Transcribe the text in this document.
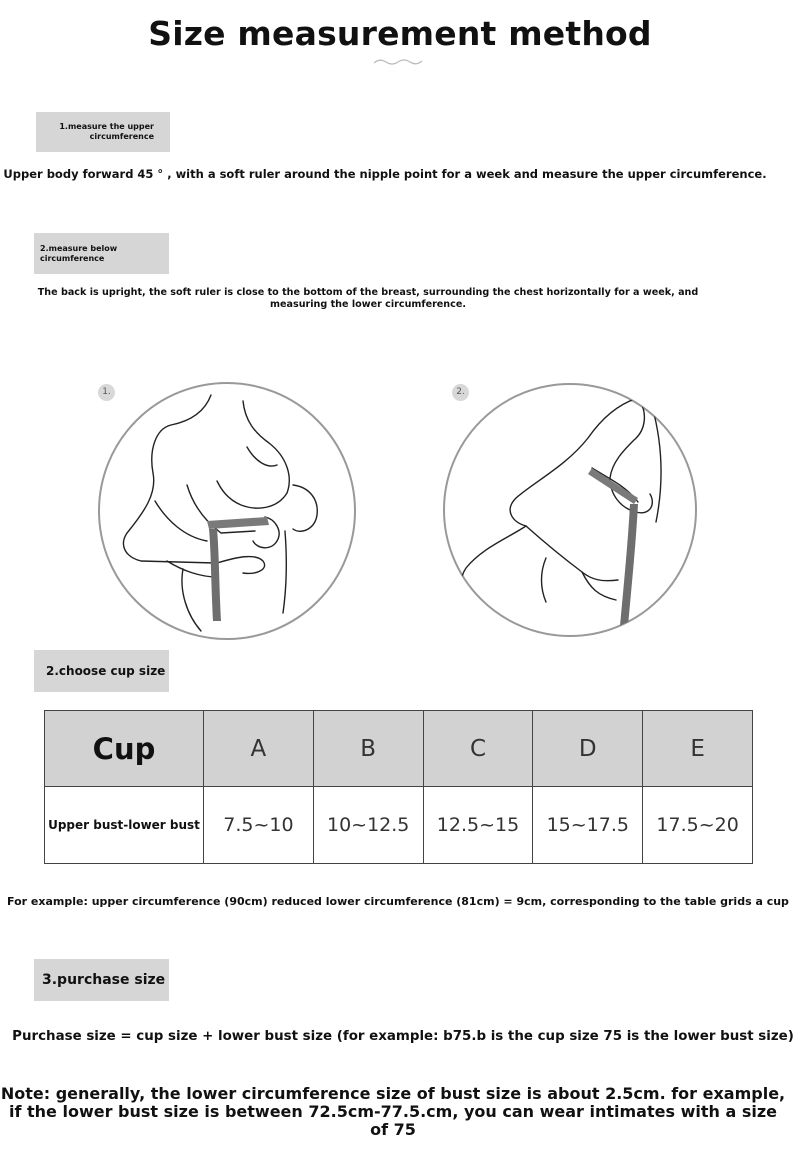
Size measurement method
1.measure the upper circumference
Upper body forward 45 ° , with a soft ruler around the nipple point for a week and measure the upper circumference.
2.measure below circumference
The back is upright, the soft ruler is close to the bottom of the breast, surrounding the chest horizontally for a week, and measuring the lower circumference.
1.	2.
2.choose cup size
Cup	A	B	C	D	E
Upper bust-lower bust	7.5~10	10~12.5	12.5~15	15~17.5	17.5~20
For example: upper circumference (90cm) reduced lower circumference (81cm) = 9cm, corresponding to the table grids a cup
3.purchase size
Purchase size = cup size + lower bust size (for example: b75.b is the cup size 75 is the lower bust size)
Note: generally, the lower circumference size of bust size is about 2.5cm. for example, if the lower bust size is between 72.5cm-77.5.cm, you can wear intimates with a size of 75
